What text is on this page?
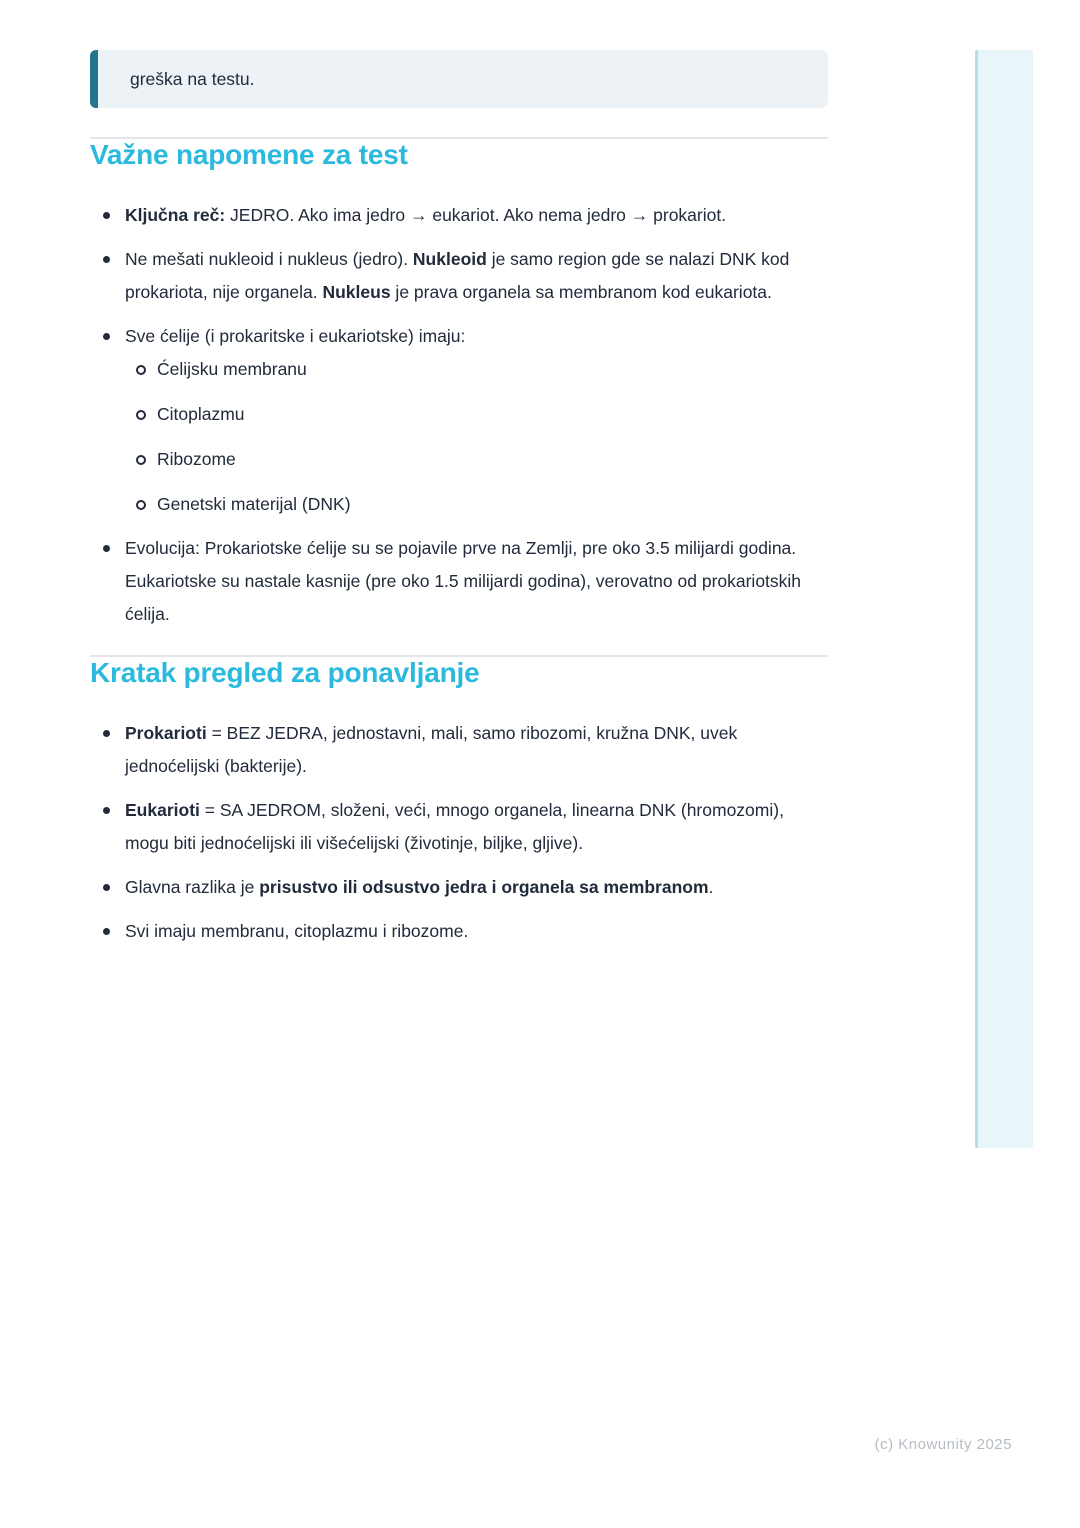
greška na testu.
Važne napomene za test
Ključna reč: JEDRO. Ako ima jedro → eukariot. Ako nema jedro → prokariot.
Ne mešati nukleoid i nukleus (jedro). Nukleoid je samo region gde se nalazi DNK kod prokariota, nije organela. Nukleus je prava organela sa membranom kod eukariota.
Sve ćelije (i prokaritske i eukariotske) imaju:
Ćelijsku membranu
Citoplazmu
Ribozome
Genetski materijal (DNK)
Evolucija: Prokariotske ćelije su se pojavile prve na Zemlji, pre oko 3.5 milijardi godina. Eukariotske su nastale kasnije (pre oko 1.5 milijardi godina), verovatno od prokariotskih ćelija.
Kratak pregled za ponavljanje
Prokarioti = BEZ JEDRA, jednostavni, mali, samo ribozomi, kružna DNK, uvek jednoćelijski (bakterije).
Eukarioti = SA JEDROM, složeni, veći, mnogo organela, linearna DNK (hromozomi), mogu biti jednoćelijski ili višećelijski (životinje, biljke, gljive).
Glavna razlika je prisustvo ili odsustvo jedra i organela sa membranom.
Svi imaju membranu, citoplazmu i ribozome.
(c) Knowunity 2025
